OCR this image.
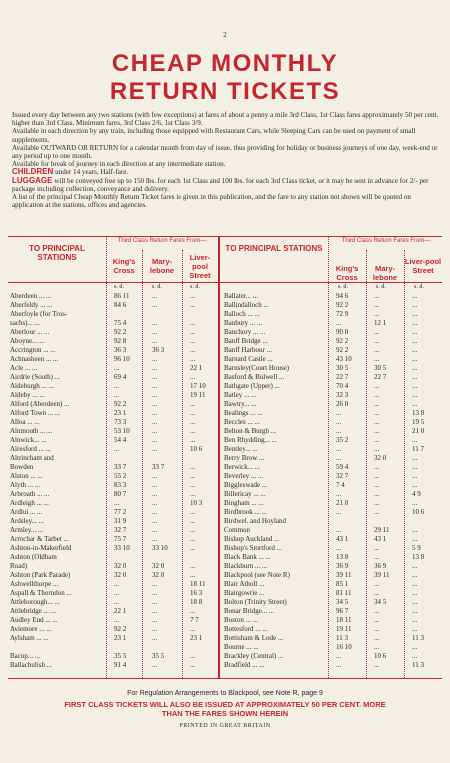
2
CHEAP MONTHLY
RETURN TICKETS

Issued every day between any two stations (with few exceptions) at fares of about a penny a mile 3rd Class, 1st Class fares approximately 50 per cent. higher than 3rd Class. Minimum fares, 3rd Class 2/6, 1st Class 3/9.

Available in each direction by any train, including those equipped with Restaurant Cars, while Sleeping Cars can be used on payment of small supplements.

Available OUTWARD OR RETURN for a calendar month from day of issue, thus providing for holiday or business journeys of one day, week-end or any period up to one month.

Available for break of journey in each direction at any intermediate station.

CHILDREN under 14 years, Half-fare.

LUGGAGE will be conveyed free up to 150 lbs. for each 1st Class and 100 lbs. for each 3rd Class ticket, or it may be sent in advance for 2/- per package including collection, conveyance and delivery.

A list of the principal Cheap Monthly Return Ticket fares is given in this publication, and the fare to any station not shown will be quoted on application at the stations, offices and agencies.

TO PRINCIPAL STATIONS
Third Class Return Fares From—
King's Cross
Mary-lebone
Liver-pool Street
TO PRINCIPAL STATIONS
Third Class Return Fares From—
King's Cross
Mary-lebone
Liver-pool Street
s. d.	s. d.	s. d.	s. d.	s. d.	s. d.
Aberdeen ... ...	86 11	...	...
Aberfeldy ... ...	84 6	...	...
Aberfoyle (for Tros-
sachs)... ...	75 4	...	...
Aberlour ... ...	92 2	...	...
Aboyne... ...	92 8	...	...
Accrington ... ...	36 3	36 3	...
Achnasheen ... ...	96 10	...	...
Acle ... ...	...	...	22 1
Airdrie (South) ...	69 4	...	...
Aldeburgh ... ...	...	...	17 10
Aldeby ... ...	...	...	19 11
Alford (Aberdeen) ...	92 2	...	...
Alford Town ... ...	23 1	...	...
Alloa ... ...	73 3	...	...
Alnmouth ... ...	53 10	...	...
Alnwick... ...	54 4	...	...
Alresford ... ...	...	...	10 6
Altrincham and
Bowden	33 7	33 7	...
Alston ... ...	55 2	...	...
Alyth ... ...	83 3	...	...
Arbroath ... ...	80 7	...	...
Ardleigh ... ...	...	...	10 3
Ardlui ... ...	77 2	...	...
Ardsley... ...	31 9	...	...
Armley... ...	32 7	...	...
Arrochar & Tarbet ...	75 7	...	...
Ashton-in-Makerfield	33 10	33 10	...
Ashton (Oldham
Road)	32 0	32 0	...
Ashton (Park Parade)	32 0	32 0	...
Ashwellthorpe ...	...	...	18 11
Aspall & Thorndon ...	...	...	16 3
Attleborough... ...	...	...	18 8
Attlebridge ... ...	22 1	...	...
Audley End ... ...	...	...	7 7
Aviemore ... ...	92 2	...	...
Aylsham ... ...	23 1	...	23 1
Bacup... ...	35 5	35 5	...
Ballachulish ...	91 4	...	...
Ballater... ...	94 6	...	...
Ballindalloch ...	92 2	...	...
Balloch ... ...	72 9	...	...
Banbury ... ...	...	12 1	...
Banchory ... ...	90 0	...	...
Banff Bridge ...	92 2	...	...
Banff Harbour ...	92 2	...	...
Barnard Castle ...	43 10	...	...
Barnsley(Court House)	30 5	30 5	...
Basford & Bulwell ...	22 7	22 7	...
Bathgate (Upper) ...	70 4	...	...
Batley ... ...	32 3	...	...
Bawtry... ...	26 0	...	...
Bealings ... ...	...	...	13 8
Beccles ... ...	...	...	19 5
Belton & Burgh ...	...	...	21 0
Ben Rhydding... ...	35 2	...	...
Bentley... ...	...	...	11 7
Berry Brow ...	...	32 0	...
Berwick... ...	59 4	...	...
Beverley ... ...	32 7	...	...
Biggleswade ...	7 4	...	...
Billericay ... ...	...	...	4 9
Bingham ... ...	21 0	...	...
Birdbrook ... ...	...	...	10 6
Birdwel. and Hoyland
Common	...	29 11	...
Bishop Auckland ...	43 1	43 1	...
Bishop's Stortford ...	...	...	5 9
Black Bank ... ...	13 8	...	13 8
Blackburn ... ...	36 9	36 9	...
Blackpool (see Note R)	39 11	39 11	...
Blair Atholl ...	85 1	...	...
Blairgowrie ...	81 11	...	...
Bolton (Trinity Street)	34 5	34 5	...
Bonar Bridge... ...	96 7	...	...
Boston ... ...	18 11	...	...
Bottesford ... ...	19 11	...	...
Bottisham & Lode ...	11 3	...	11 3
Bourne ... ...	16 10	...	...
Brackley (Central) ...	...	10 6	...
Bradfield ... ...	...	...	11 3
For Regulation Arrangements to Blackpool, see Note R, page 9
FIRST CLASS TICKETS WILL ALSO BE ISSUED AT APPROXIMATELY 50 PER CENT. MORE
THAN THE FARES SHOWN HEREIN
PRINTED IN GREAT BRITAIN
